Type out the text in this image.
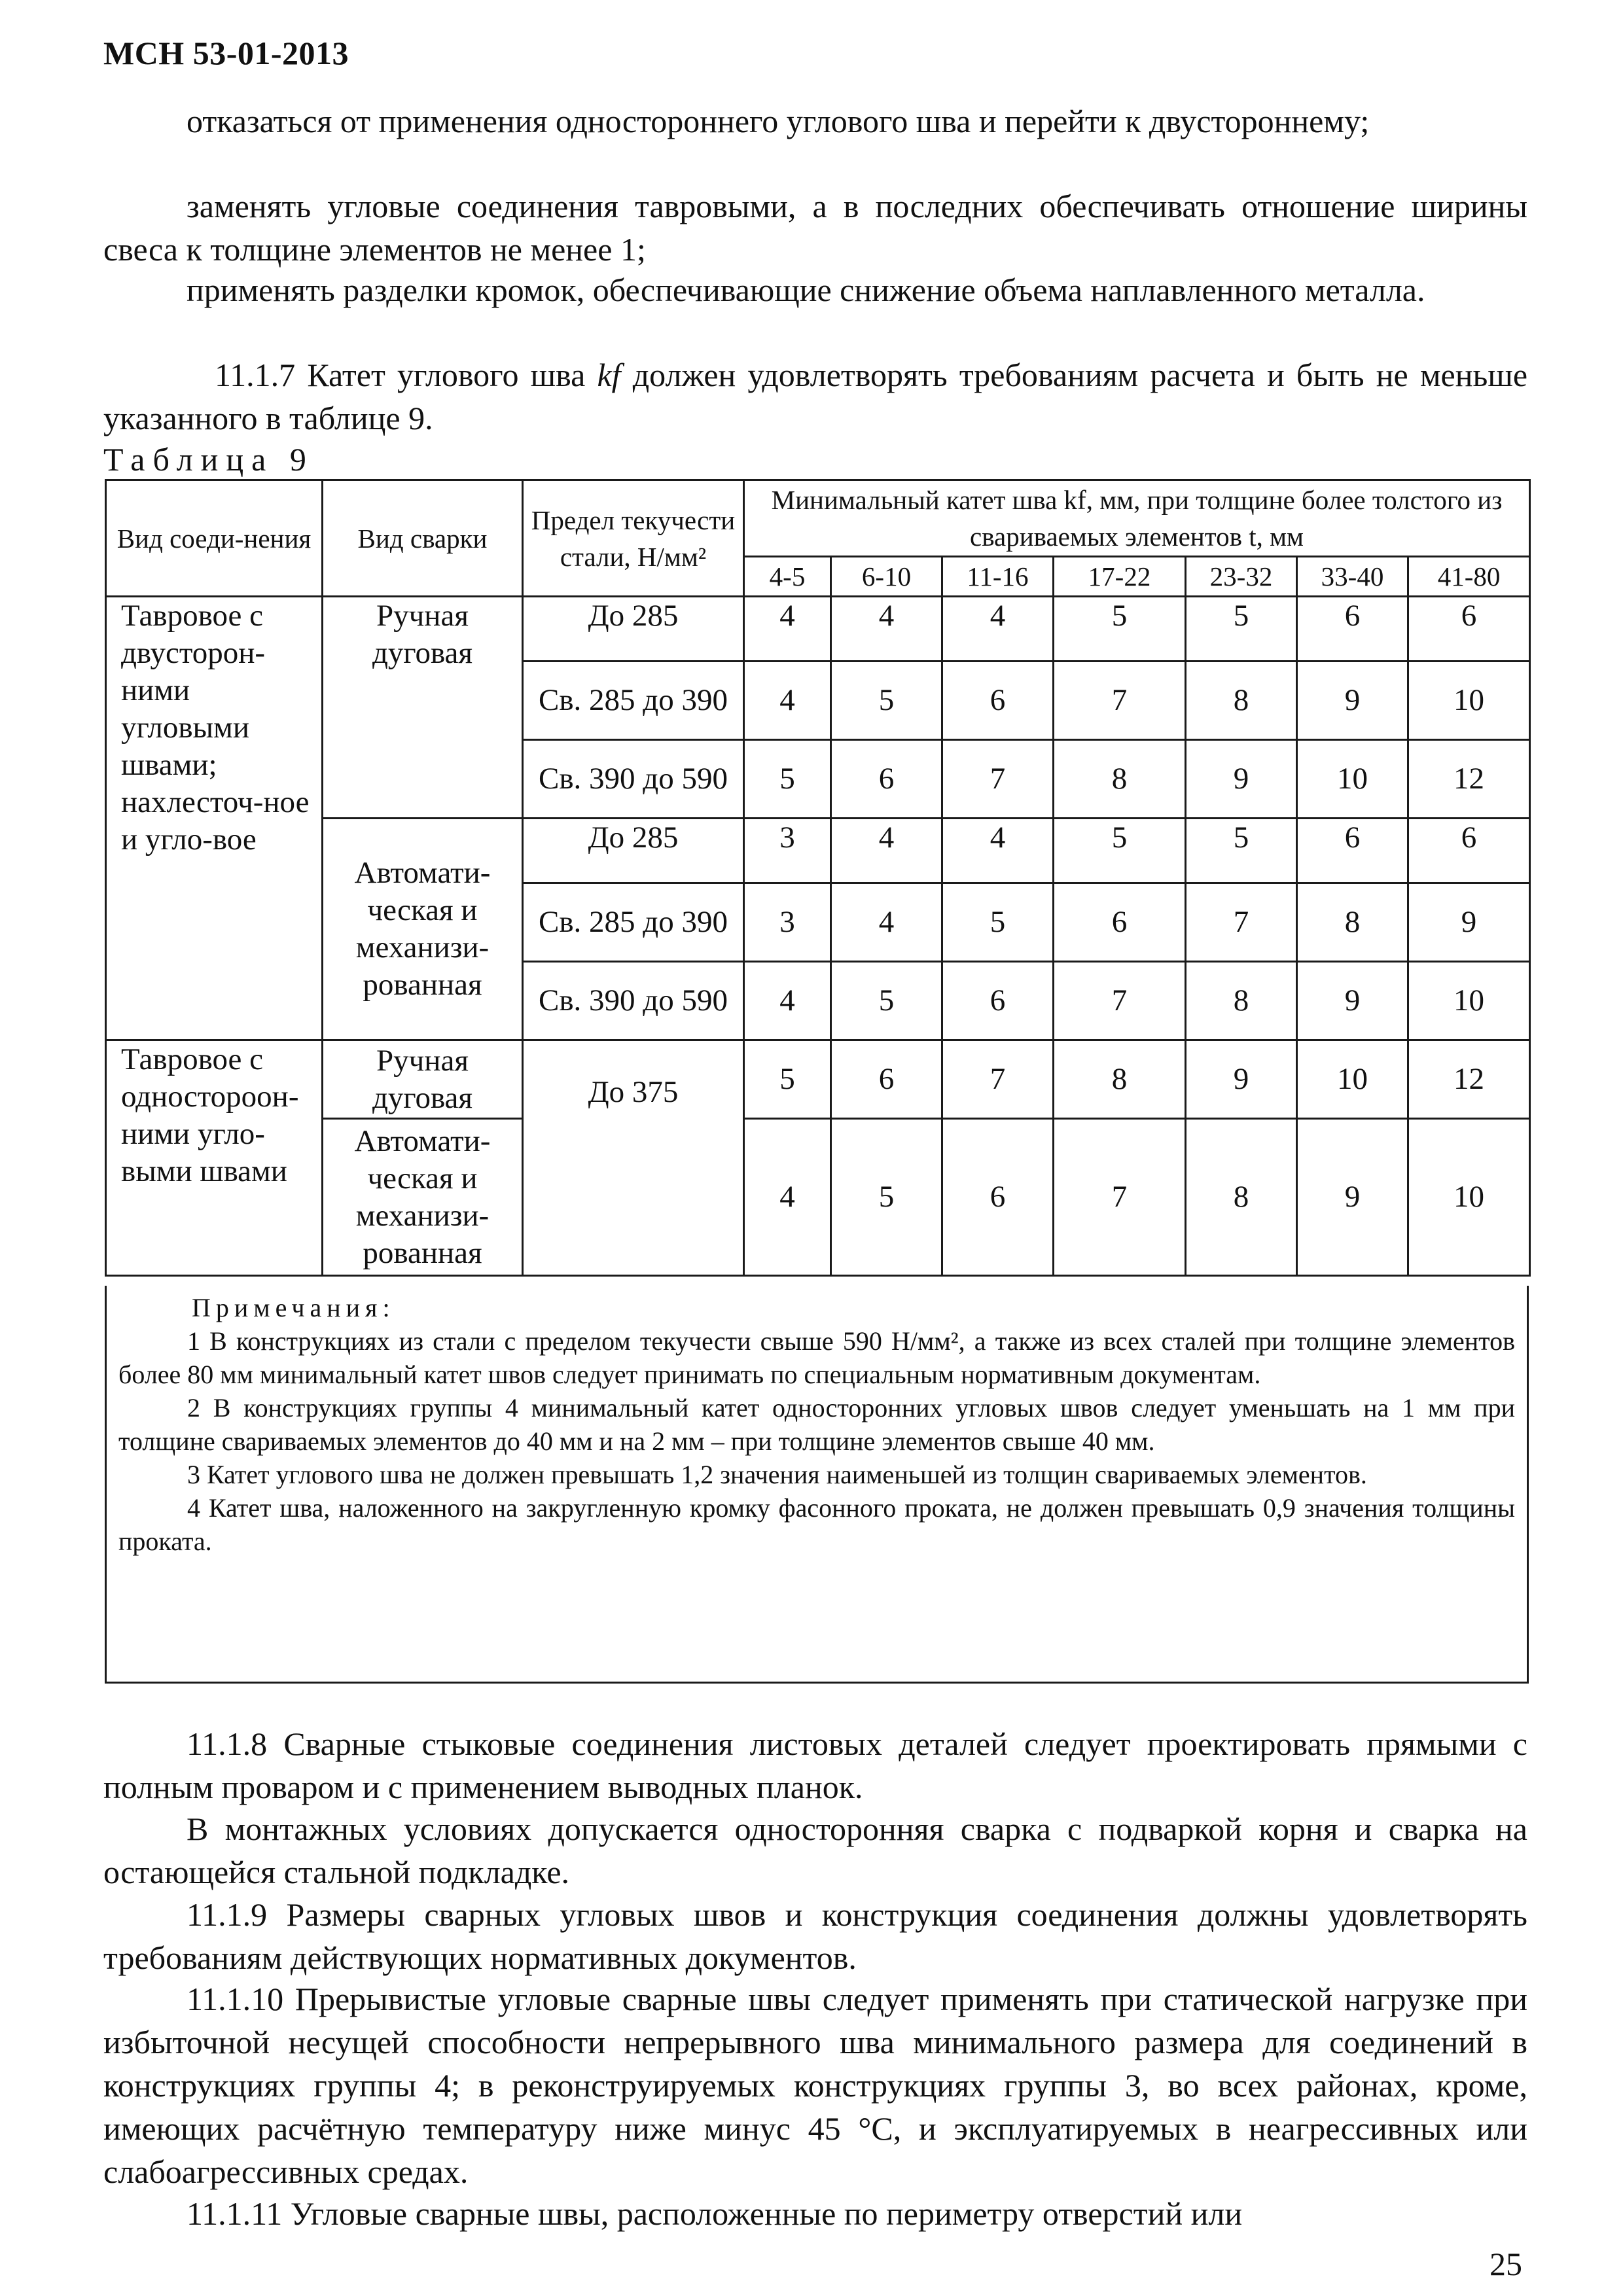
МСН 53-01-2013
отказаться от применения одностороннего углового шва и перейти к двустороннему;
заменять угловые соединения тавровыми, а в последних обеспечивать отношение ширины свеса к толщине элементов не менее 1;
применять разделки кромок, обеспечивающие снижение объема наплавленного металла.
11.1.7 Катет углового шва kf должен удовлетворять требованиям расчета и быть не меньше указанного в таблице 9.
Таблица 9
Вид соеди-нения	Вид сварки	Предел текучести стали, Н/мм²	Минимальный катет шва kf, мм, при толщине более толстого из свариваемых элементов t, мм						
			4-5	6-10	11-16	17-22	23-32	33-40	41-80
Тавровое с двусторон-ними угловыми швами; нахлесточ-ное и угло-вое	Ручная дуговая	До 285	4	4	4	5	5	6	6
		Св. 285 до 390	4	5	6	7	8	9	10
		Св. 390 до 590	5	6	7	8	9	10	12
	Автомати-ческая и механизи-рованная	До 285	3	4	4	5	5	6	6
		Св. 285 до 390	3	4	5	6	7	8	9
		Св. 390 до 590	4	5	6	7	8	9	10
Тавровое с одностороон-ними угло-выми швами	Ручная дуговая	До 375	5	6	7	8	9	10	12
	Автомати-ческая и механизи-рованная		4	5	6	7	8	9	10
Примечания:
1 В конструкциях из стали с пределом текучести свыше 590 Н/мм², а также из всех сталей при толщине элементов более 80 мм минимальный катет швов следует принимать по специальным нормативным документам.
2 В конструкциях группы 4 минимальный катет односторонних угловых швов следует уменьшать на 1 мм при толщине свариваемых элементов до 40 мм и на 2 мм – при толщине элементов свыше 40 мм.
3 Катет углового шва не должен превышать 1,2 значения наименьшей из толщин свариваемых элементов.
4 Катет шва, наложенного на закругленную кромку фасонного проката, не должен превышать 0,9 значения толщины проката.
11.1.8 Сварные стыковые соединения листовых деталей следует проектировать прямыми с полным проваром и с применением выводных планок.
В монтажных условиях допускается односторонняя сварка с подваркой корня и сварка на остающейся стальной подкладке.
11.1.9 Размеры сварных угловых швов и конструкция соединения должны удовлетворять требованиям действующих нормативных документов.
11.1.10 Прерывистые угловые сварные швы следует применять при статической нагрузке при избыточной несущей способности непрерывного шва минимального размера для соединений в конструкциях группы 4; в реконструируемых конструкциях группы 3, во всех районах, кроме, имеющих расчётную температуру ниже минус 45 °С, и эксплуатируемых в неагрессивных или слабоагрессивных средах.
11.1.11 Угловые сварные швы, расположенные по периметру отверстий или
25
